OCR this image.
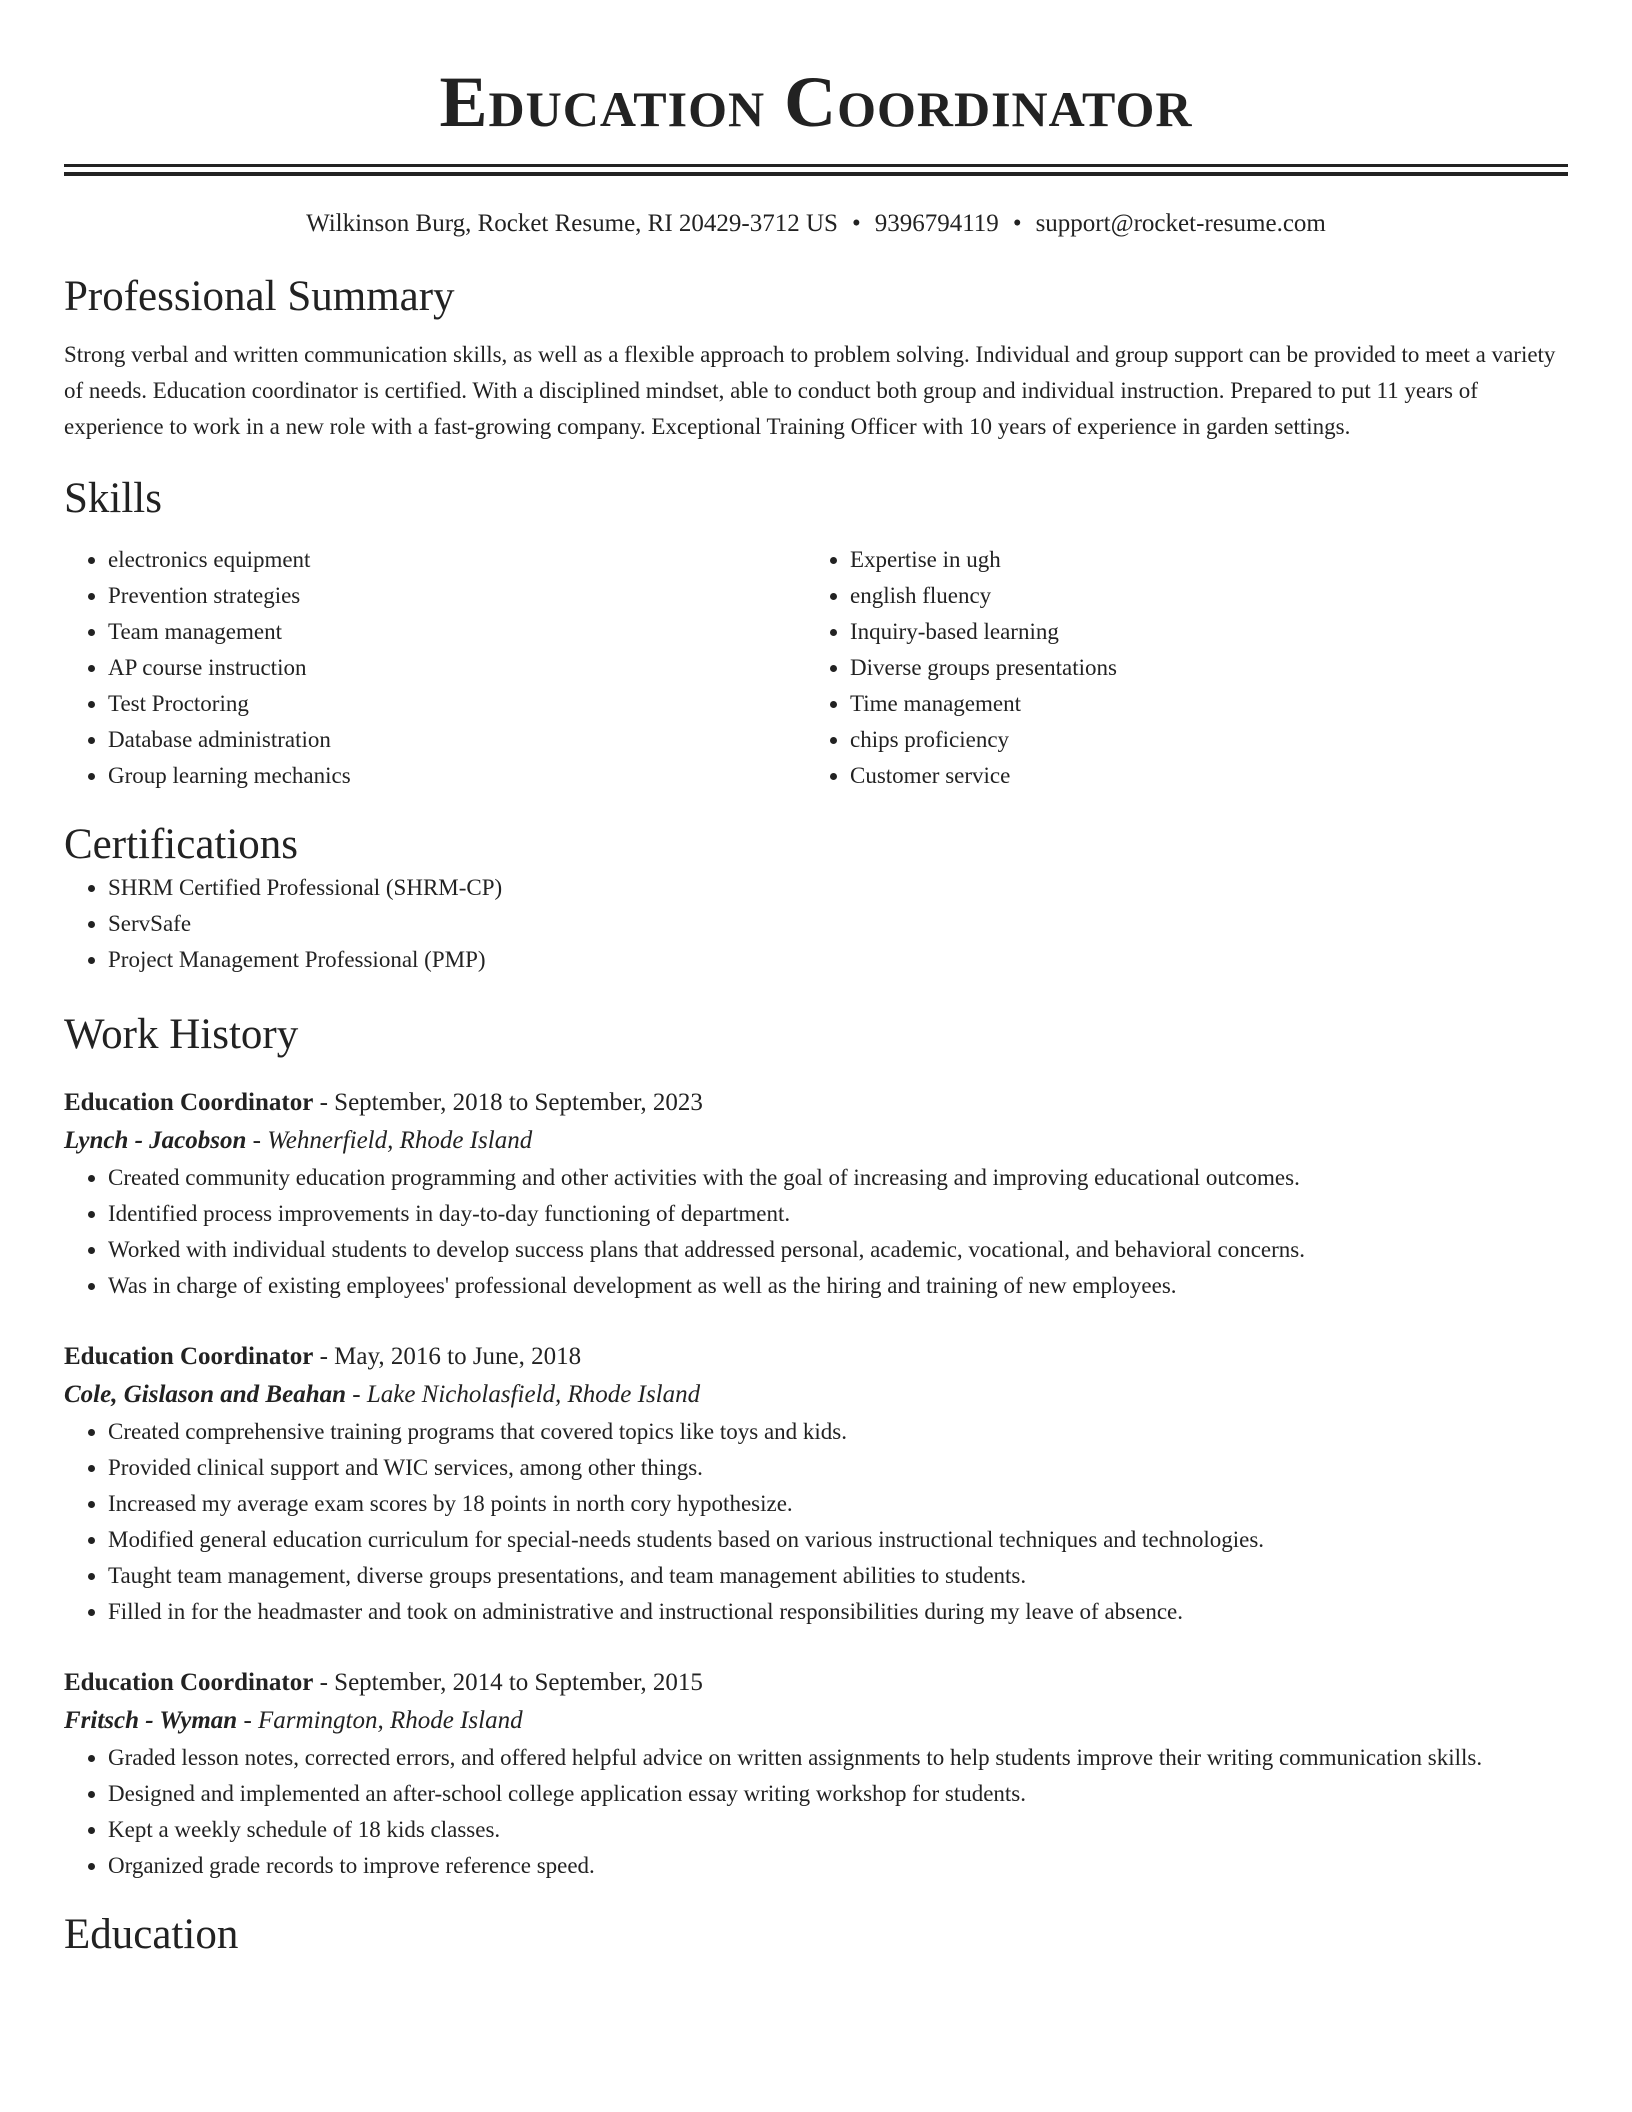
Education Coordinator
Wilkinson Burg, Rocket Resume, RI 20429-3712 US • 9396794119 • support@rocket-resume.com
Professional Summary

Strong verbal and written communication skills, as well as a flexible approach to problem solving. Individual and group support can be provided to meet a variety of needs. Education coordinator is certified. With a disciplined mindset, able to conduct both group and individual instruction. Prepared to put 11 years of experience to work in a new role with a fast-growing company. Exceptional Training Officer with 10 years of experience in garden settings.

Skills
• electronics equipment
• Prevention strategies
• Team management
• AP course instruction
• Test Proctoring
• Database administration
• Group learning mechanics
• Expertise in ugh
• english fluency
• Inquiry-based learning
• Diverse groups presentations
• Time management
• chips proficiency
• Customer service
Certifications
• SHRM Certified Professional (SHRM-CP)
• ServSafe
• Project Management Professional (PMP)
Work History
Education Coordinator - September, 2018 to September, 2023
Lynch - Jacobson - Wehnerfield, Rhode Island
• Created community education programming and other activities with the goal of increasing and improving educational outcomes.
• Identified process improvements in day-to-day functioning of department.
• Worked with individual students to develop success plans that addressed personal, academic, vocational, and behavioral concerns.
• Was in charge of existing employees' professional development as well as the hiring and training of new employees.
Education Coordinator - May, 2016 to June, 2018
Cole, Gislason and Beahan - Lake Nicholasfield, Rhode Island
• Created comprehensive training programs that covered topics like toys and kids.
• Provided clinical support and WIC services, among other things.
• Increased my average exam scores by 18 points in north cory hypothesize.
• Modified general education curriculum for special-needs students based on various instructional techniques and technologies.
• Taught team management, diverse groups presentations, and team management abilities to students.
• Filled in for the headmaster and took on administrative and instructional responsibilities during my leave of absence.
Education Coordinator - September, 2014 to September, 2015
Fritsch - Wyman - Farmington, Rhode Island
• Graded lesson notes, corrected errors, and offered helpful advice on written assignments to help students improve their writing communication skills.
• Designed and implemented an after-school college application essay writing workshop for students.
• Kept a weekly schedule of 18 kids classes.
• Organized grade records to improve reference speed.
Education
